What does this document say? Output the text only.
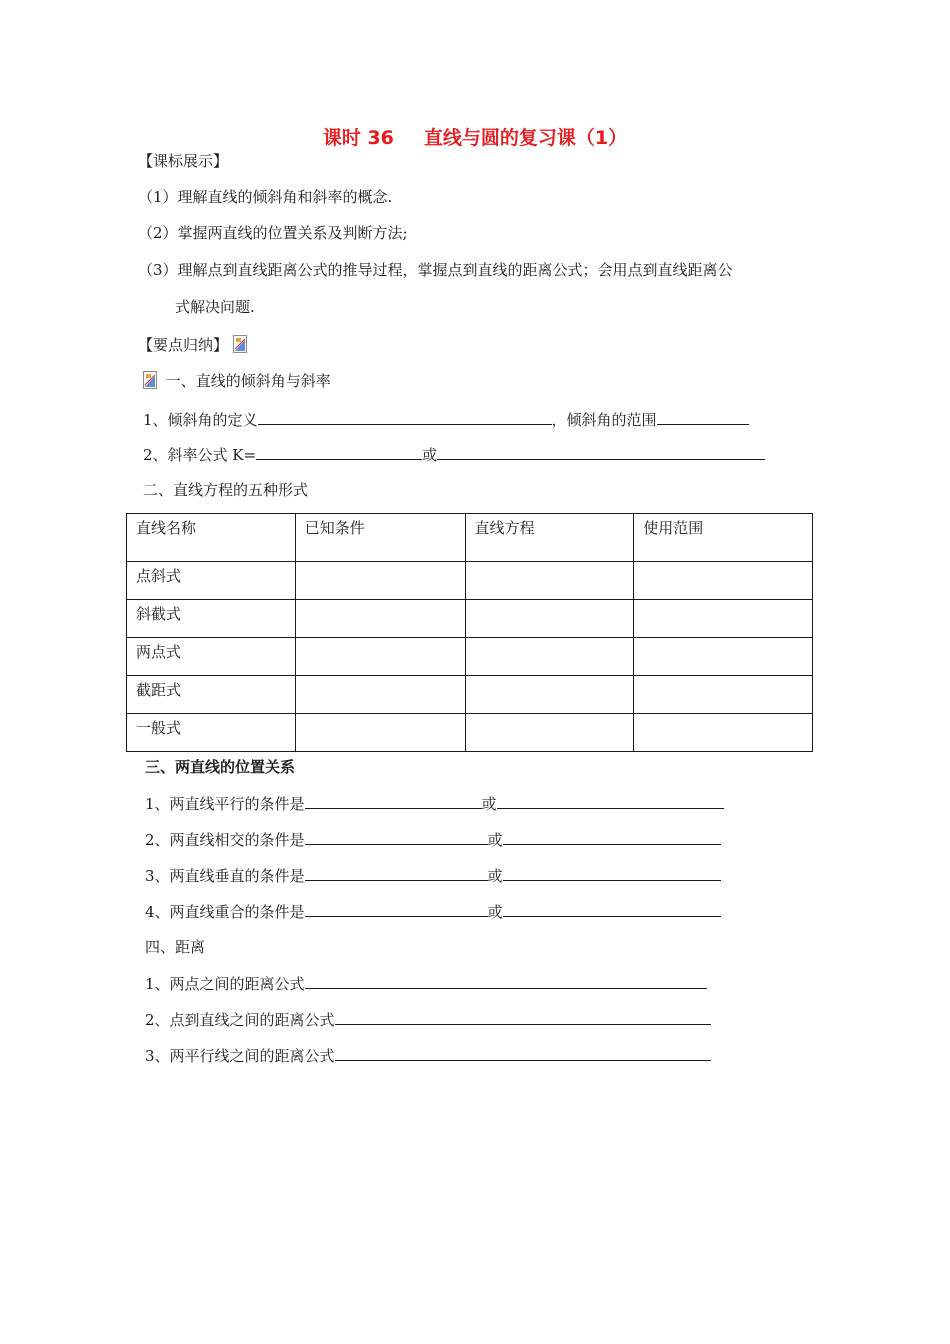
课时 36 直线与圆的复习课（1）
【课标展示】
（1）理解直线的倾斜角和斜率的概念.
（2）掌握两直线的位置关系及判断方法;
（3）理解点到直线距离公式的推导过程，掌握点到直线的距离公式；会用点到直线距离公
式解决问题.
【要点归纳】
一、直线的倾斜角与斜率
1、倾斜角的定义	，倾斜角的范围
2、斜率公式 K=	或
二、直线方程的五种形式
直线名称	已知条件	直线方程	使用范围
点斜式			
斜截式			
两点式			
截距式			
一般式			
三、两直线的位置关系
1、两直线平行的条件是	或
2、两直线相交的条件是	或
3、两直线垂直的条件是	或
4、两直线重合的条件是	或
四、距离
1、两点之间的距离公式
2、点到直线之间的距离公式
3、两平行线之间的距离公式
